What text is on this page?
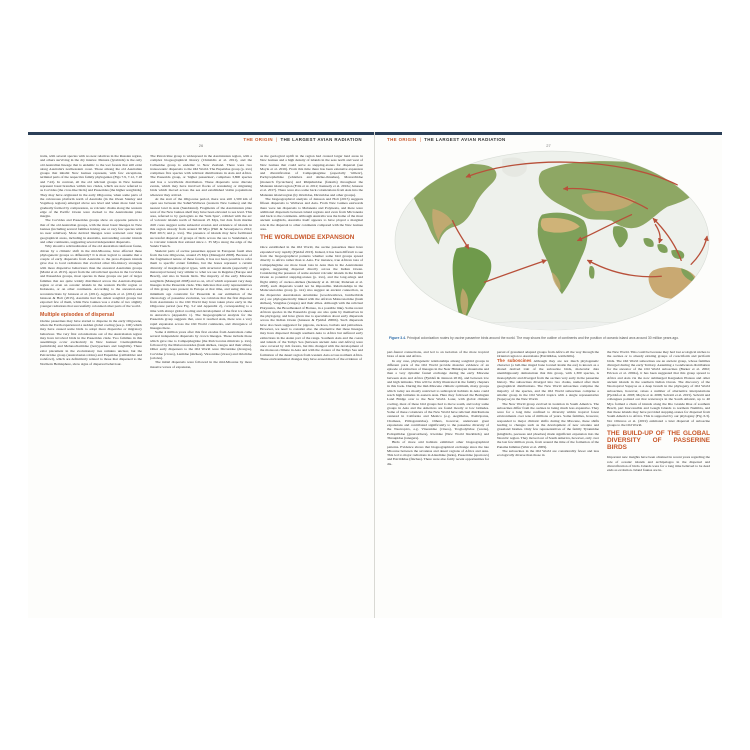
THE ORIGIN | THE LARGEST AVIAN RADIATION
26

traits, with several species with no near relatives in the Russian region, and others surviving in the dry interior. Menura (lyrebirds) is the only old Australian lineage that is endemic to the wet forests that still exist along Australia's northeastern coast. Those among the old Australian groups that inhabit New Guinea represent, with few exceptions, terminal parts of the respective family phylogenies (Figs 7.9, 7.12, 7.18 and 7.22). In contrast, all the old relictual groups in New Guinea represent basal branches within two clades, which are now referred to as Corvides (the crow-like birds) and Passerides (the higher songbirds). They may have originated in the early Oligocene, when some parts of the calcareous platform north of Australia (in the Owen Stanley and Vogelkop regions) emerged above sea level and when more land was gradually formed by compression, as volcanic chains along the western edge of the Pacific Ocean were docked to the Australasian plate margin.

The Corvides and Passerides groups show an opposite pattern to that of the old Australian groups, with the most basal lineages in New Guinea (including several families having one or very few species with no near relatives). More derived lineages were scattered over large geographical areas, including in Australia, surrounding oceanic islands and other continents, suggesting several independent dispersals.

Why should a relictualization of the old Australian rainforest fauna, driven by a climatic shift in the mid-Miocene, have affected these phylogenetic groups so differently? It is most logical to assume that a couple of early dispersals from Australia to the proto-Papuan islands gave rise to local radiations that evolved other life-history strategies with more dispersive behaviours than the ancestral Australian groups (Marki et al. 2015). Apart from the old relictual species in the Corvides and Passerides groups, most species in these groups are part of larger families that are quite widely distributed across the Australo-Papuan region or even on oceanic islands in the western Pacific region or Indonesia, or on other continents. According to the ancestral-area reconstructions by Jønsson et al. (2011), Aggerbeck et al. (2014) and Jønsson & Holt (2015), Australia had the oldest songbird groups but exported few of them, while New Guinea was a cradle of two slightly younger radiations that successfully colonized other parts of the world.

Multiple episodes of dispersal

Oscine passerines may have started to disperse in the early Oligocene, when the Earth experienced a sudden global cooling (see p. 100) which may have caused some birds to adopt more dispersive or migratory behaviour. The very first colonizations out of the Australasian region may have involved birds in the Passerides clade. Two families in this assemblage occur exclusively in New Guinea: Cnemophilidae (satinbirds) and Melanocharitidae (berrypeckers and longbills). There exist placement in the evolutionary tree remains unclear, but the Petroicidae group (Australasian robins) and Eupetidae (railbabbler and rockfowl), which are definitively related to those that dispersed to the Northern Hemisphere, show signs of dispersal behaviour.

The Petroicidae group is widespread in the Australasian region, with a complex biogeographical history (Christidis et al. 2011), and the Callaeidae group is endemic to New Zealand. There were two transoceanic dispersals to the Old World. The Eupetidae group (p. xxx) comprises five species with relictual distributions in Asia and Africa. The Passerida group, or 'higher passerines', comprises 3,800 species and has a worldwide distribution. These dispersals were discrete events, which may have involved flocks of wandering or migrating birds which moved across the sea and established viable populations wherever they arrived.

At the start of the Oligocene period, there was still 1,500 km of open sea between the Sahul/Wallacea (western New Guinea) and the nearest land in Asia (Sundaland). Fragments of the Australasian plate west of the New Guinea shelf may have been elevated to sea level. This area, referred to by geologists as the 'Sula Spur', collided with the arc of volcanic islands north of Sulawesi 25 Mya, but data from marine drill cores suggest some subaerial erosion and existence of islands in this region already from around 30 Mya (Hall & Sevastjanova 2012; Hall 2013; and p. xxx). The presence of islands may have facilitated successful dispersal of groups of birds across the sea to Sundaland, or to volcanic islands that existed since c. 35 Mya along the edge of the Sunda Trench.

Skeletal parts of oscine passerines appear in European fossil sites from the late Oligocene, around 25 Mya (Manegold 2008). Because of the fragmented nature of these fossils, it has not been possible to refer them to specific extant families, but the bones represent a certain diversity of morphological types, with structural details (especially of metacarpal bones) very similar to what we see in Regulus (Europe and Brazil), and also in Sunda birds. The majority of the early Miocene songbirds (Manegold 2008) and so on, all of which represent very deep lineages in the Passerida clade. This indicates that early representatives of this group were present in Europe at that time, and using this as a minimum age constraint for Passerida in our estimation of the chronology of passerine evolution, we calculate that the first dispersal from Australasia to the Old World may have taken place early in the Oligocene period (see Fig. 3.2 and Appendix 2), corresponding to a time with abrupt global cooling and development of the first ice sheets in Antarctica (Appendix 1). The biogeographical analysis for the Passerida group suggests that, once it reached Asia, there was a very rapid expansion across the Old World continents, and divergence of lineages there.

Some 4 million years after this first exodus from Australasia came several independent dispersals by crown lineages. These include those which gave rise to Campephagidae (the Pericrocotus minivets p. xxx), followed by the Malaconotoidea (bush shrikes, vangas and their allies). Other early dispersers to the Old World were Dicruridae (drongos), Corvidae (crows), Laniidae (shrikes), Vireonidae (vireos) and Oriolidae (orioles).

The initial dispersals were followed in the mid-Miocene by more massive waves of expansion,

as the geological uplift in the region had created larger land areas in New Guinea and a high density of islands in the seas north and west of New Guinea that could serve as stepping-stones for dispersal (see Moyle et al. 2016). From this time there has been extensive expansion and diversification of Campephagidae (especially 'trillers'), Pachycephalidae (whistlers and shrike-thrushes), Monarchidae (monarch flycatchers) and Rhipiduridae (fantails) throughout the Malesian island region (Fritz et al. 2012; Kennedy et al. 2016a; Jønsson et al. 2017). There were also some back colonizations from Asia into the Malesian island region (by Oriolidae, Dicruridae and other groups).

The biogeographical analysis of Jønsson and Holt (2015) suggests fifteen dispersals to Wallacea and Asia. From New Guinea eastwards there were ten dispersals to Melanesia and Polynesia, and there were additional dispersals between island regions and even from Micronesia and back to the continents. Although Australia was the home of the most ancient songbirds, Australia itself appears to have played a marginal role in the dispersal to other continents compared with the New Guinea area.

THE WORLDWIDE EXPANSION

Once established in the Old World, the oscine passerines must have expanded very rapidly (Fjeldså 2013). Indeed, it has been difficult to see from the biogeographical patterns whether some bird groups spread directly to Africa rather than to Asia. For instance, true African taxa of Campephagidae are more basal taxa in Asia than in the Australasian region, suggesting dispersal directly across the Indian Ocean. Considering the presence of some ancient volcanic islands in the Indian Ocean as potential stepping-stones (p. xxx), and the long-wings and flight ability of cuckoo-shrikes (Kennedy et al. 2014a; Pedersen et al. 2018), such dispersals would not be impossible. Relationships in the Malaconotoidea group (p. xxx) also suggest an ancient connection, as the dispersive Australasian Artamidae (woodswallows, butcherbirds etc.) are phylogenetically linked with the African Malaconotidae (bush shrikes), Vangidae (vangas) and their allies. Although with the relictual Platysteira, the Broadbeaked of Borneo, in a possible link). Some recent African species in the Passerida group are also quite by themselves in the phylogeny, and have given rise to speculation about early dispersals across the Indian Ocean (Jønsson & Fjeldså 2006b). Such dispersals have also been suggested for pigeons, cuckoos, barbets and psittacines. However, we need to consider also the alternative that these lineages may have dispersed through southern Asia to Africa but suffered early extinctions in the Asian part of the range. Southern Asia and the coasts and islands of the Tethys Sea (between ancient Asia and Africa) were once covered by rich forests, but this changed with the development of the monsoon climate in Asia and with the closure of the Tethys Sea and formation of the desert region from western Asia across northern Africa. These environmental changes may have erased much of the evidence of

THE ORIGIN | THE LARGEST AVIAN RADIATION
27
Figure 3.4. Principal colonization routes by oscine passerine birds around the world. The map shows the outline of continents and the position of oceanic island arcs around 30 million years ago.

part-faunal connections, and led to an isolation of the more tropical biota of Asia and Africa.

In any case, phylogenetic relationships among songbird groups in different parts of the Old World provide massive evidence of an episode of extinction of lineages in the Near Himalayan mountains and then a very dynamic faunal exchange during the early Miocene between Asia and Africa (Fjeldså & Jønsson 2016), and between low and high latitudes. This will be richly illustrated in the family chapters in this book. During the mid-Miocene climatic optimum, many groups which today are mostly restricted to subtropical habitats in Asia could reach high latitudes in eastern Asia. Here they followed the Beringian Land Bridge over to the New World. Later, with global climatic cooling, most of these bird groups had to move south, and today some groups in Asia and the Americas are found mostly at low latitudes. Some of these colonizers of the New World have relictual distributions centered in California and Mexico (e.g. Aegithalos, Psaltriparus, Chamaea, Ptiliogonatidae). Others, however, underwent great expansions and contributed significantly to the passerine diversity of the Neotropics, e.g. Vireonidae (vireos), Troglodytidae (wrens), Polioptilidae (gnatcatchers), Icteridae (New World blackbirds) and Thraupidae (tanagers).

Birds of more arid habitats exhibited other biogeographical patterns. Evidence shows that biogeographical exchange since the late Miocene between the savannas and desert regions of Africa and Asia. This led to major radiations in Alaudidae (larks), Passeridae (sparrows) and Estrildidae (finches). There were also fairly recent opportunities for dis-

persal of grassland adapted groups from Africa all the way through the Oriental region to Australasia (Estrildidae, wattlebills).

The suboscines Although they are not much phylogenetic character (a bell-like ringed bone located inside the ear) is known as a shared derived trait of the suboscine birds, molecular data unambiguously demonstrate that this group, with 1,300 species, is monophyletic and diverged from the oscines very early in the passerine history. The suboscines diverged into two clades, named after their geographical distributions. The New World suboscines comprise the majority of the species, and the Old World suboscines comprise a smaller group in the Old World tropics with a single representative (Sapayoa) in the New World.

The New World group evolved in isolation in South America. The suboscines differ from the oscines in being much less expansive. They were for a long time confined to diversity within tropical forest environments over tens of millions of years. Some families, however, responded to major climatic shifts during the Miocene, these shifts leading to changes such as the development of new savanna and grassland biomes. Only few representatives of the family Tyrannidae (kingbirds, peewees and phoebes) made significant expansion into the Nearctic region. They moved out of South America, however, only over the last few million years, from around the time of the formation of the Panama Isthmus (Weir et al. 2009).

The suboscines in the Old World are considerably fewer and less ecologically diverse than those in

the New World. This could be because they had lost ecological niches to the oscines or to already existing groups of coraciiform and piciform birds. The Old World suboscines are an ancient group, whose families diverged during the early Tertiary. Assuming a Gondwanan distribution for the ancestor of the Old World suboscines (Barker et al. 2002; Ericson et al. 2002a), it has been suggested that this group spread to Africa and Asia via the now submerged Kerguelen Plateau and other ancient islands in the southern Indian Ocean. The discovery of the Neotropical Sapayoa as a deep branch in the phylogeny of Old World suboscines, however, raises a number of alternative interpretations (Fjeldså et al. 2003; Moyle et al. 2006; Selvatti et al. 2015). Selvatti and colleagues pointed out that waterways in the South Atlantic, up to 40 Mya formed a chain of islands along the Rio Grande Rise of southern Brazil, part Inaccessible and Gough Islands to northern Namibia, and that these islands may have provided stepping-stones for dispersal from South America to Africa. This is supported by our phylogeny (Fig. 6.3). Not Oliveros et al. (2019) estimated a later dispersal of suboscine groups to the Old World.

THE BUILD-UP OF THE GLOBAL DIVERSITY OF PASSERINE BIRDS

Important new insights have been obtained in recent years regarding the role of oceanic islands and archipelagos in the dispersal and diversification of birds. Islands were for a long time believed to be dead ends as evolution. Island faunas are in-
